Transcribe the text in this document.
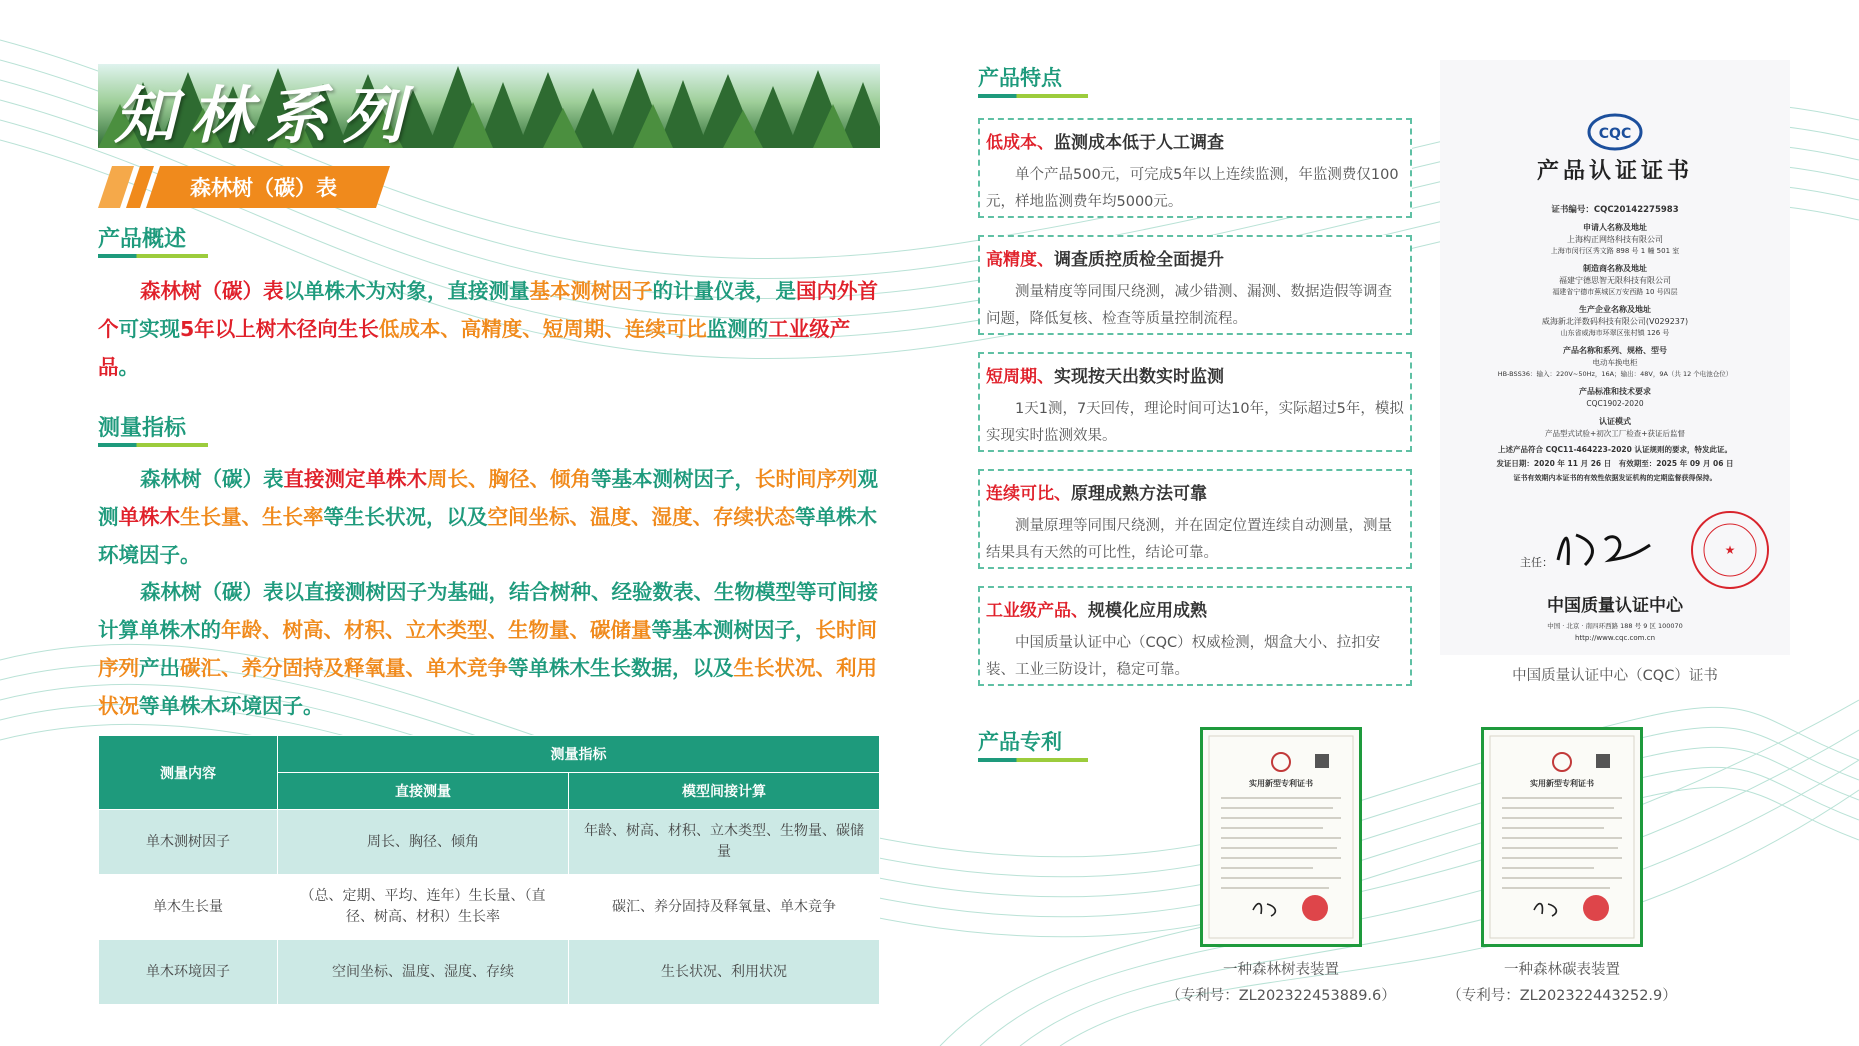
知林系列
森林树（碳）表
产品概述
森林树（碳）表以单株木为对象，直接测量基本测树因子的计量仪表，是国内外首个可实现5年以上树木径向生长低成本、高精度、短周期、连续可比监测的工业级产品。
测量指标
森林树（碳）表直接测定单株木周长、胸径、倾角等基本测树因子，长时间序列观测单株木生长量、生长率等生长状况，以及空间坐标、温度、湿度、存续状态等单株木环境因子。
森林树（碳）表以直接测树因子为基础，结合树种、经验数表、生物模型等可间接计算单株木的年龄、树高、材积、立木类型、生物量、碳储量等基本测树因子，长时间序列产出碳汇、养分固持及释氧量、单木竞争等单株木生长数据，以及生长状况、利用状况等单株木环境因子。
测量内容	测量指标	
	直接测量	模型间接计算
单木测树因子	周长、胸径、倾角	年龄、树高、材积、立木类型、生物量、碳储量
单木生长量	（总、定期、平均、连年）生长量、（直径、树高、材积）生长率	碳汇、养分固持及释氧量、单木竞争
单木环境因子	空间坐标、温度、湿度、存续	生长状况、利用状况
产品特点
低成本、监测成本低于人工调查
单个产品500元，可完成5年以上连续监测，年监测费仅100元，样地监测费年均5000元。
高精度、调查质控质检全面提升
测量精度等同围尺绕测，减少错测、漏测、数据造假等调查问题，降低复核、检查等质量控制流程。
短周期、实现按天出数实时监测
1天1测，7天回传，理论时间可达10年，实际超过5年，模拟实现实时监测效果。
连续可比、原理成熟方法可靠
测量原理等同围尺绕测，并在固定位置连续自动测量，测量结果具有天然的可比性，结论可靠。
工业级产品、规模化应用成熟
中国质量认证中心（CQC）权威检测，烟盒大小、拉扣安装、工业三防设计，稳定可靠。
CQC
产品认证证书
证书编号：CQC20142275983
申请人名称及地址
上海构正网络科技有限公司
上海市闵行区秀文路 898 号 1 幢 501 室
制造商名称及地址
福建宁德思智无限科技有限公司
福建省宁德市蕉城区万安西路 10 号四层
生产企业名称及地址
威海新北洋数码科技有限公司(V029237)
山东省威海市环翠区张村镇 126 号
产品名称和系列、规格、型号
电动车换电柜
HB-BSS36：输入：220V~50Hz，16A；输出：48V，9A（共 12 个电池仓位）
产品标准和技术要求
CQC1902-2020
认证模式
产品型式试验+初次工厂检查+获证后监督
上述产品符合 CQC11-464223-2020 认证规则的要求，特发此证。
发证日期：2020 年 11 月 26 日　有效期至：2025 年 09 月 06 日
证书有效期内本证书的有效性依据发证机构的定期监督获得保持。
主任：
★
中国质量认证中心
中国 · 北京 · 南四环西路 188 号 9 区 100070
http://www.cqc.com.cn
中国质量认证中心（CQC）证书
产品专利
实用新型专利证书
一种森林树表装置
（专利号：ZL202322453889.6）
实用新型专利证书
一种森林碳表装置
（专利号：ZL202322443252.9）
